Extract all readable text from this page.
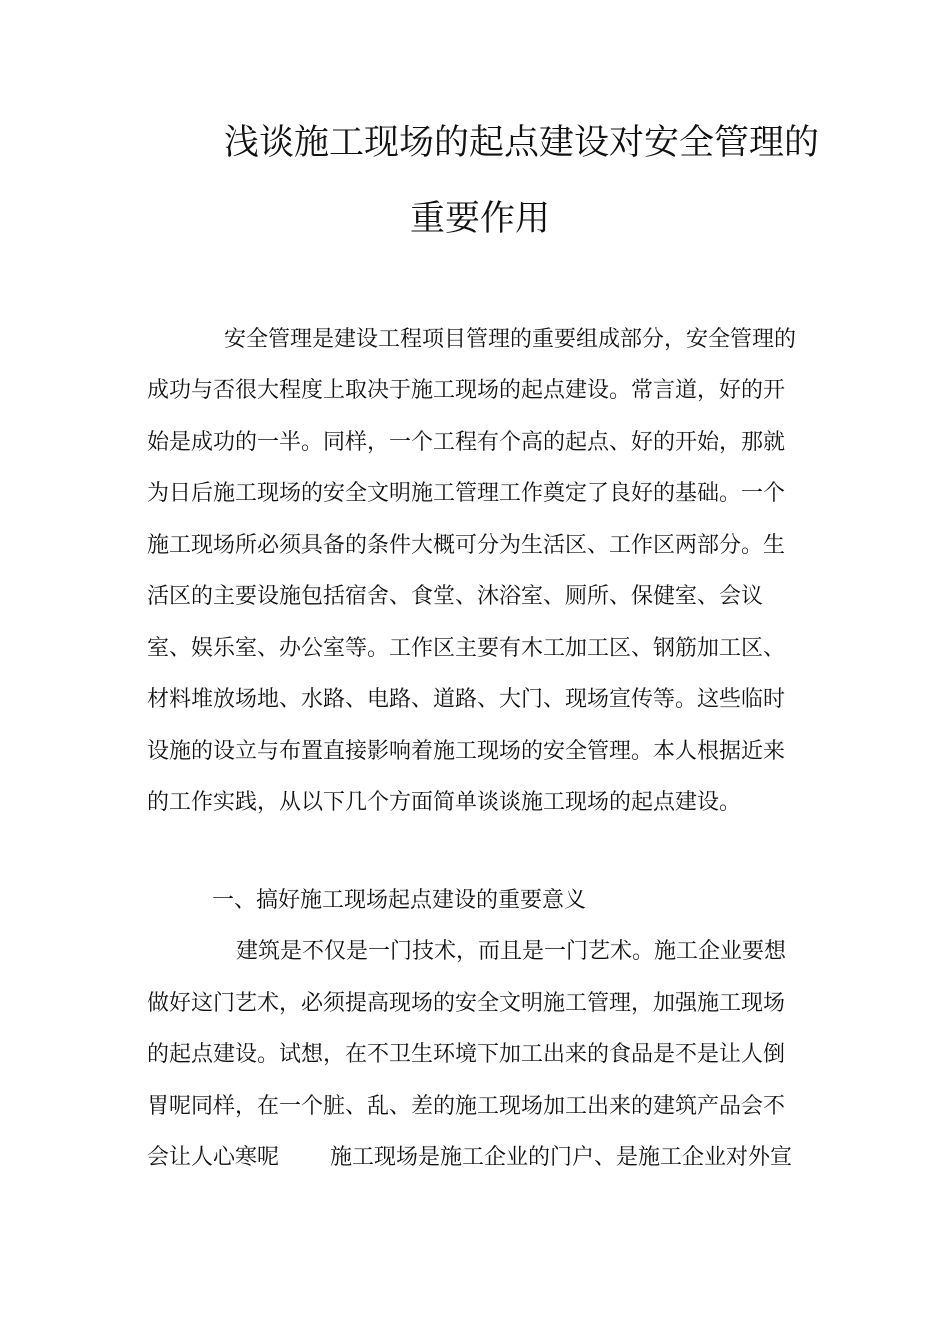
浅谈施工现场的起点建设对安全管理的
重要作用
安全管理是建设工程项目管理的重要组成部分，安全管理的
成功与否很大程度上取决于施工现场的起点建设。常言道，好的开
始是成功的一半。同样，一个工程有个高的起点、好的开始，那就
为日后施工现场的安全文明施工管理工作奠定了良好的基础。一个
施工现场所必须具备的条件大概可分为生活区、工作区两部分。生
活区的主要设施包括宿舍、食堂、沐浴室、厕所、保健室、会议
室、娱乐室、办公室等。工作区主要有木工加工区、钢筋加工区、
材料堆放场地、水路、电路、道路、大门、现场宣传等。这些临时
设施的设立与布置直接影响着施工现场的安全管理。本人根据近来
的工作实践，从以下几个方面简单谈谈施工现场的起点建设。
一、搞好施工现场起点建设的重要意义
建筑是不仅是一门技术，而且是一门艺术。施工企业要想
做好这门艺术，必须提高现场的安全文明施工管理，加强施工现场
的起点建设。试想，在不卫生环境下加工出来的食品是不是让人倒
胃呢同样，在一个脏、乱、差的施工现场加工出来的建筑产品会不
会让人心寒呢 施工现场是施工企业的门户、是施工企业对外宣
